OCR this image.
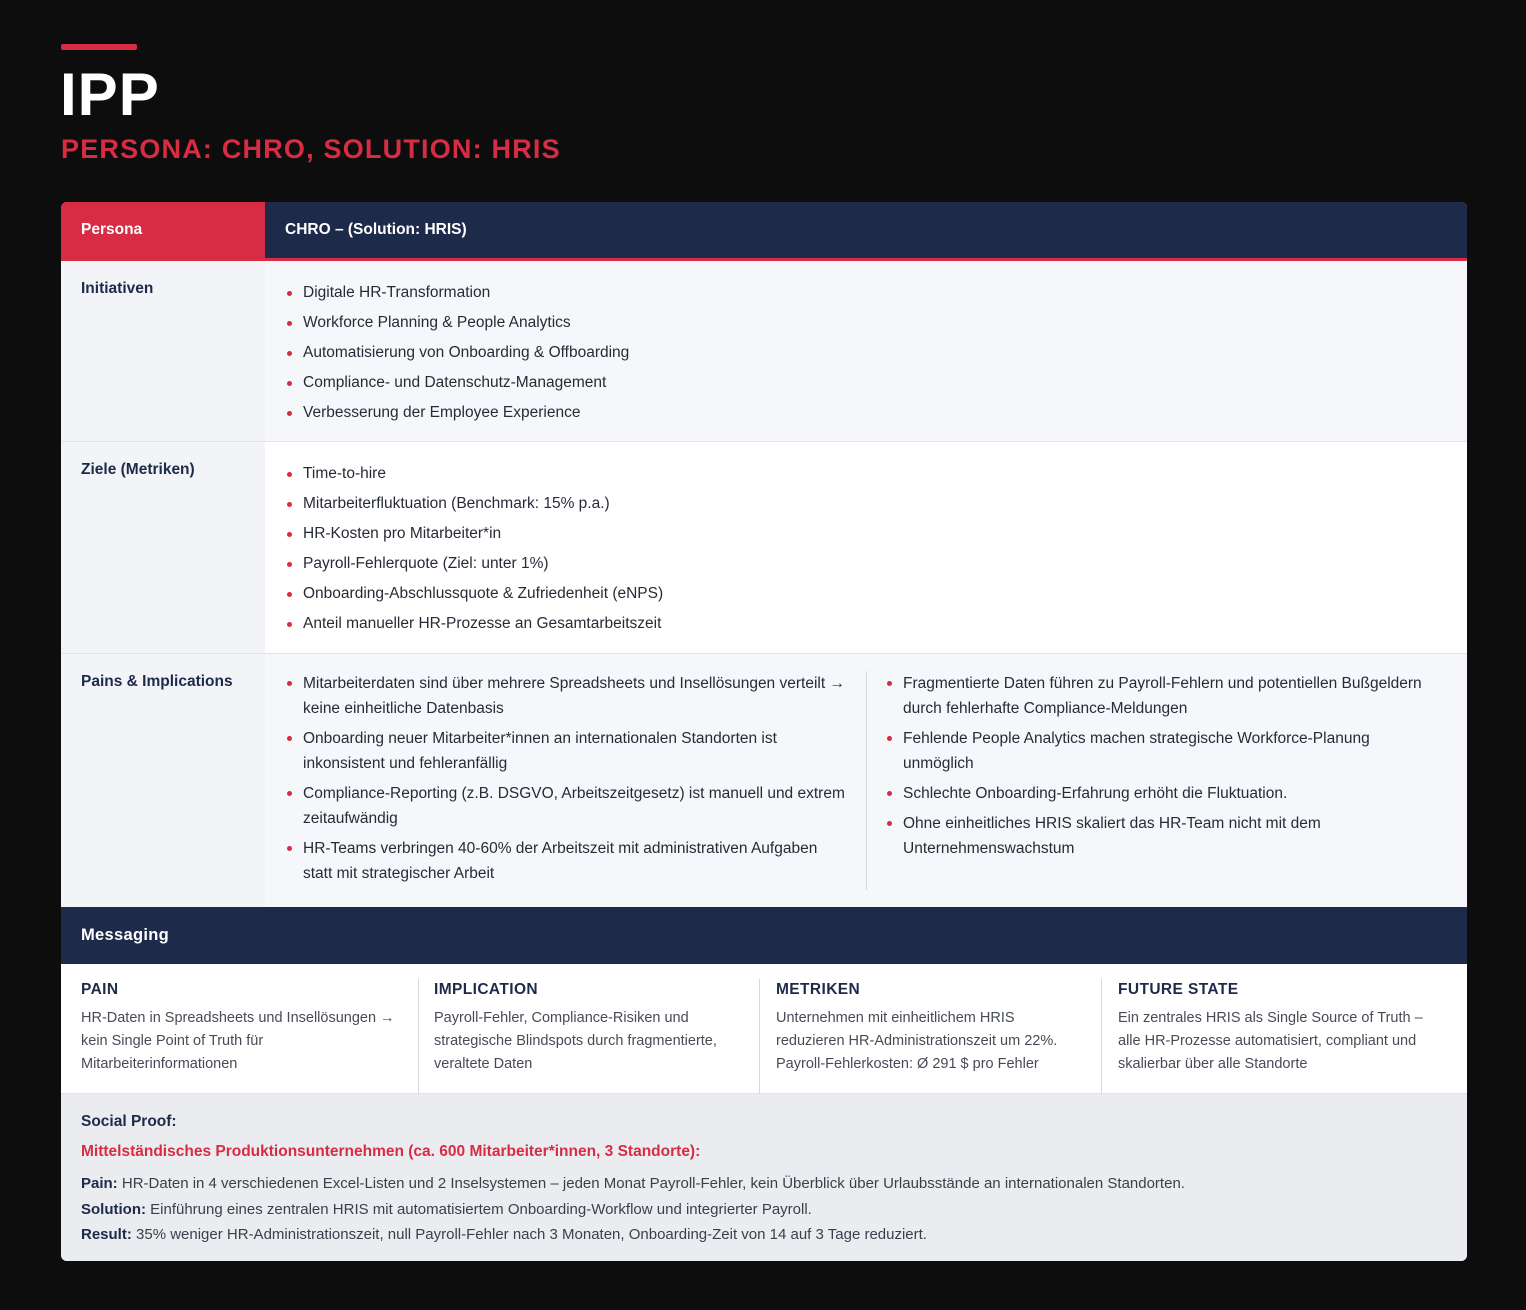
IPP
PERSONA: CHRO, SOLUTION: HRIS
Persona	CHRO – (Solution: HRIS)
Initiativen	Digitale HR-Transformation
Workforce Planning & People Analytics
Automatisierung von Onboarding & Offboarding
Compliance- und Datenschutz-Management
Verbesserung der Employee Experience
Ziele (Metriken)	Time-to-hire
Mitarbeiterfluktuation (Benchmark: 15% p.a.)
HR-Kosten pro Mitarbeiter*in
Payroll-Fehlerquote (Ziel: unter 1%)
Onboarding-Abschlussquote & Zufriedenheit (eNPS)
Anteil manueller HR-Prozesse an Gesamtarbeitszeit
Pains & Implications	Mitarbeiterdaten sind über mehrere Spreadsheets und Insellösungen verteilt → keine einheitliche Datenbasis
Onboarding neuer Mitarbeiter*innen an internationalen Standorten ist inkonsistent und fehleranfällig
Compliance-Reporting (z.B. DSGVO, Arbeitszeitgesetz) ist manuell und extrem zeitaufwändig
HR-Teams verbringen 40-60% der Arbeitszeit mit administrativen Aufgaben statt mit strategischer Arbeit
Fragmentierte Daten führen zu Payroll-Fehlern und potentiellen Bußgeldern durch fehlerhafte Compliance-Meldungen
Fehlende People Analytics machen strategische Workforce-Planung unmöglich
Schlechte Onboarding-Erfahrung erhöht die Fluktuation.
Ohne einheitliches HRIS skaliert das HR-Team nicht mit dem Unternehmenswachstum
Messaging
PAIN

HR-Daten in Spreadsheets und Insellösungen → kein Single Point of Truth für Mitarbeiterinformationen

IMPLICATION

Payroll-Fehler, Compliance-Risiken und strategische Blindspots durch fragmentierte, veraltete Daten

METRIKEN

Unternehmen mit einheitlichem HRIS reduzieren HR-Administrationszeit um 22%. Payroll-Fehlerkosten: Ø 291 $ pro Fehler

FUTURE STATE

Ein zentrales HRIS als Single Source of Truth – alle HR-Prozesse automatisiert, compliant und skalierbar über alle Standorte

Social Proof:
Mittelständisches Produktionsunternehmen (ca. 600 Mitarbeiter*innen, 3 Standorte):

Pain: HR-Daten in 4 verschiedenen Excel-Listen und 2 Inselsystemen – jeden Monat Payroll-Fehler, kein Überblick über Urlaubsstände an internationalen Standorten.

Solution: Einführung eines zentralen HRIS mit automatisiertem Onboarding-Workflow und integrierter Payroll.

Result: 35% weniger HR-Administrationszeit, null Payroll-Fehler nach 3 Monaten, Onboarding-Zeit von 14 auf 3 Tage reduziert.
